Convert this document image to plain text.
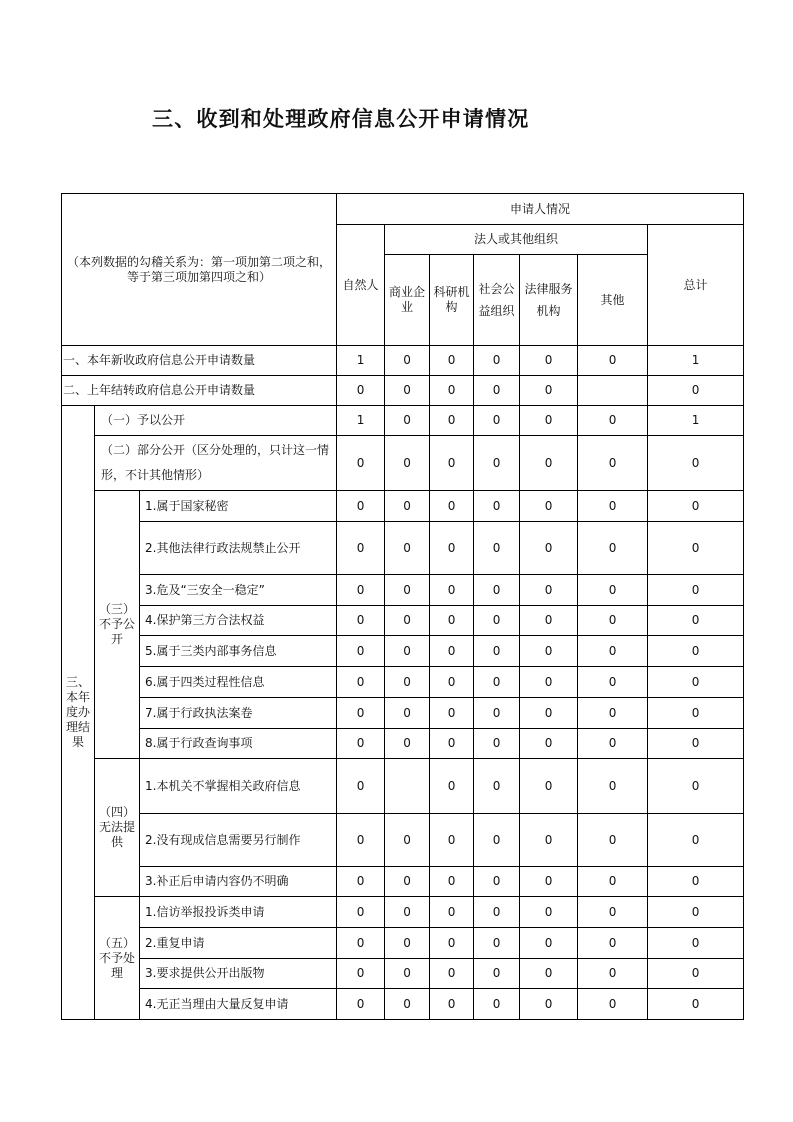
三、收到和处理政府信息公开申请情况
（本列数据的勾稽关系为：第一项加第二项之和，等于第三项加第四项之和）			申请人情况						
			自然人	法人或其他组织					总计
				商业企业	科研机构	社会公益组织	法律服务机构	其他	

一、本年新收政府信息公开申请数量			1	0	0	0	0	0	1
二、上年结转政府信息公开申请数量			0	0	0	0	0		0
三、本年度办理结果	（一）予以公开		1	0	0	0	0	0	1
	（二）部分公开（区分处理的，只计这一情形，不计其他情形）		0	0	0	0	0	0	0
	（三）不予公开	1.属于国家秘密	0	0	0	0	0	0	0
		2.其他法律行政法规禁止公开	0	0	0	0	0	0	0
		3.危及“三安全一稳定”	0	0	0	0	0	0	0
		4.保护第三方合法权益	0	0	0	0	0	0	0
		5.属于三类内部事务信息	0	0	0	0	0	0	0
		6.属于四类过程性信息	0	0	0	0	0	0	0
		7.属于行政执法案卷	0	0	0	0	0	0	0
		8.属于行政查询事项	0	0	0	0	0	0	0
	（四）无法提供	1.本机关不掌握相关政府信息	0		0	0	0	0	0
		2.没有现成信息需要另行制作	0	0	0	0	0	0	0
		3.补正后申请内容仍不明确	0	0	0	0	0	0	0
	（五）不予处理	1.信访举报投诉类申请	0	0	0	0	0	0	0
		2.重复申请	0	0	0	0	0	0	0
		3.要求提供公开出版物	0	0	0	0	0	0	0
		4.无正当理由大量反复申请	0	0	0	0	0	0	0
